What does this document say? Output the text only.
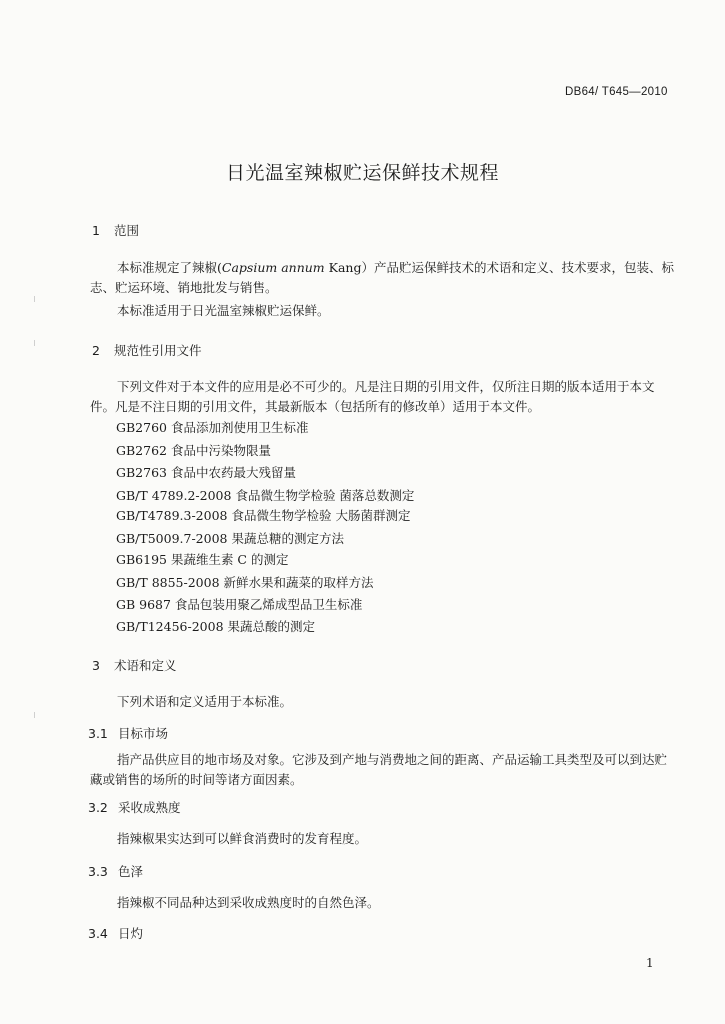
DB64/ T645—2010
日光温室辣椒贮运保鲜技术规程
1 范围
本标准规定了辣椒(Capsium annum Kang）产品贮运保鲜技术的术语和定义、技术要求，包装、标志、贮运环境、销地批发与销售。
本标准适用于日光温室辣椒贮运保鲜。
2 规范性引用文件
下列文件对于本文件的应用是必不可少的。凡是注日期的引用文件，仅所注日期的版本适用于本文件。凡是不注日期的引用文件，其最新版本（包括所有的修改单）适用于本文件。
GB2760 食品添加剂使用卫生标准
GB2762 食品中污染物限量
GB2763 食品中农药最大残留量
GB/T 4789.2-2008 食品微生物学检验 菌落总数测定
GB/T4789.3-2008 食品微生物学检验 大肠菌群测定
GB/T5009.7-2008 果蔬总糖的测定方法
GB6195 果蔬维生素 C 的测定
GB/T 8855-2008 新鲜水果和蔬菜的取样方法
GB 9687 食品包装用聚乙烯成型品卫生标准
GB/T12456-2008 果蔬总酸的测定
3 术语和定义
下列术语和定义适用于本标准。
3.1 目标市场
指产品供应目的地市场及对象。它涉及到产地与消费地之间的距离、产品运输工具类型及可以到达贮藏或销售的场所的时间等诸方面因素。
3.2 采收成熟度
指辣椒果实达到可以鲜食消费时的发育程度。
3.3 色泽
指辣椒不同品种达到采收成熟度时的自然色泽。
3.4 日灼
1
